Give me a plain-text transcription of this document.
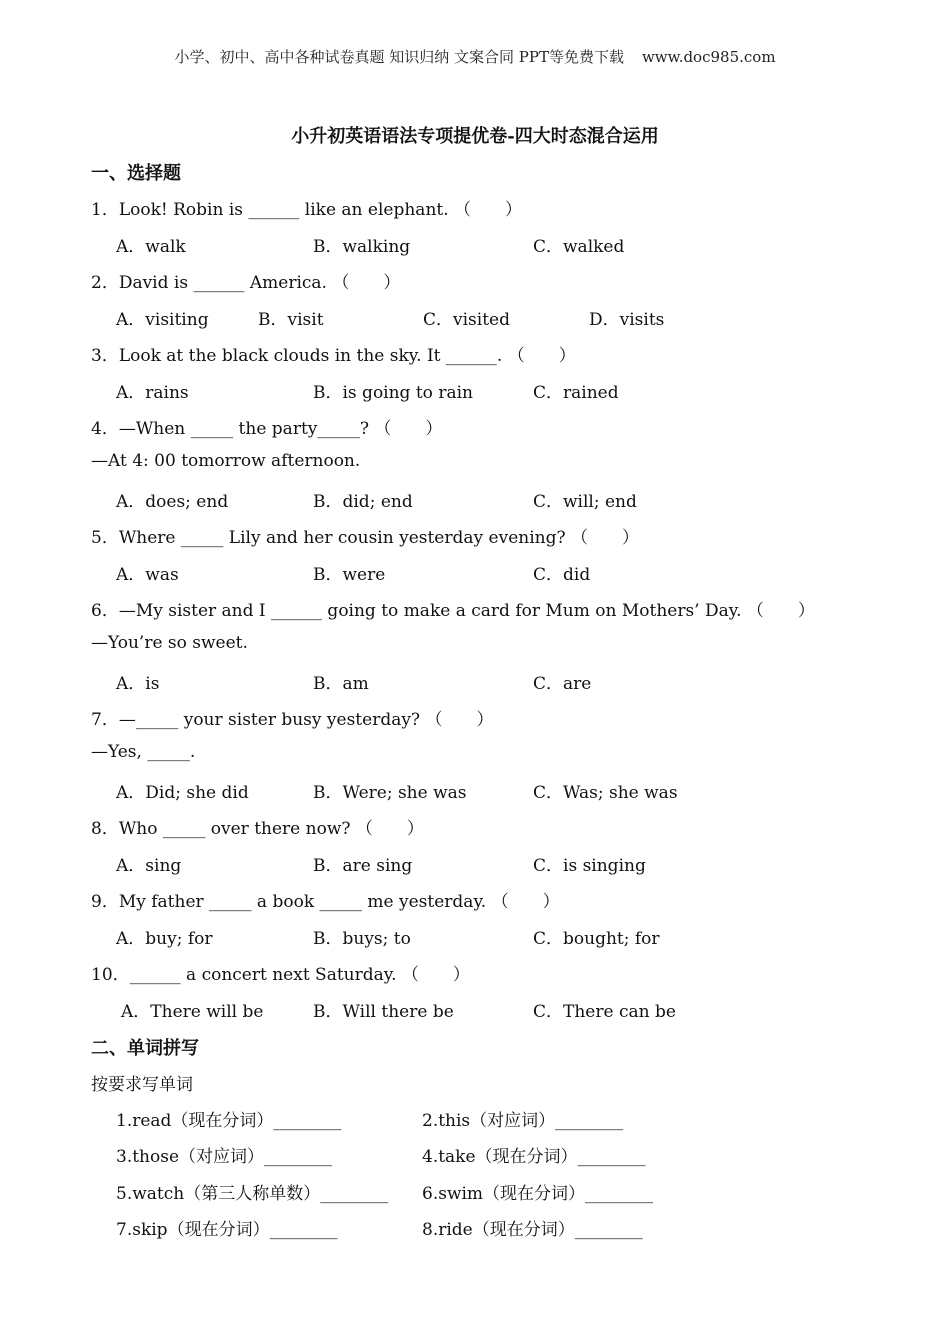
小学、初中、高中各种试卷真题 知识归纳 文案合同 PPT等免费下载 www.doc985.com
小升初英语语法专项提优卷-四大时态混合运用
一、选择题
1．Look! Robin is ______ like an elephant. （　　）
A．walk	B．walking	C．walked
2．David is ______ America. （　　）
A．visiting	B．visit	C．visited	D．visits
3．Look at the black clouds in the sky. It ______. （　　）
A．rains	B．is going to rain	C．rained
4．—When _____ the party_____? （　　）
—At 4: 00 tomorrow afternoon.
A．does; end	B．did; end	C．will; end
5．Where _____ Lily and her cousin yesterday evening? （　　）
A．was	B．were	C．did
6．—My sister and I ______ going to make a card for Mum on Mothers’ Day. （　　）
—You’re so sweet.
A．is	B．am	C．are
7．—_____ your sister busy yesterday? （　　）
—Yes, _____.
A．Did; she did	B．Were; she was	C．Was; she was
8．Who _____ over there now? （　　）
A．sing	B．are sing	C．is singing
9．My father _____ a book _____ me yesterday. （　　）
A．buy; for	B．buys; to	C．bought; for
10．______ a concert next Saturday. （　　）
A．There will be	B．Will there be	C．There can be
二、单词拼写
按要求写单词
1.read（现在分词）________	2.this（对应词）________
3.those（对应词）________	4.take（现在分词）________
5.watch（第三人称单数）________ 6.swim（现在分词）________
7.skip（现在分词）________	8.ride（现在分词）________
